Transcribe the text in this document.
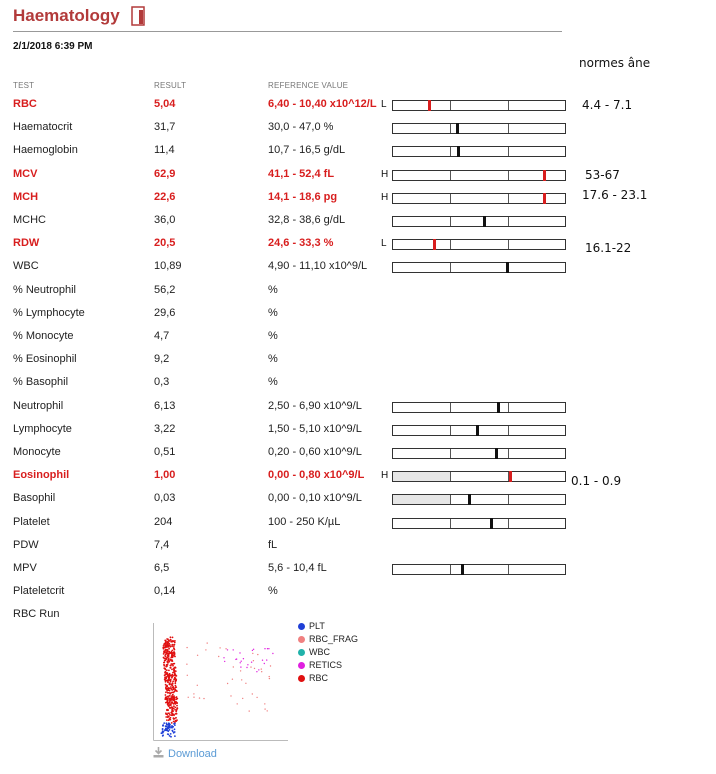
Haematology
2/1/2018 6:39 PM
TEST	RESULT	REFERENCE VALUE
RBC	5,04	6,40 - 10,40 x10^12/L L
Haematocrit	31,7	30,0 - 47,0 %
Haemoglobin	11,4	10,7 - 16,5 g/dL
MCV	62,9	41,1 - 52,4 fL	H
MCH	22,6	14,1 - 18,6 pg	H
MCHC	36,0	32,8 - 38,6 g/dL
RDW	20,5	24,6 - 33,3 %	L
WBC	10,89	4,90 - 11,10 x10^9/L
% Neutrophil	56,2	%
% Lymphocyte	29,6	%
% Monocyte	4,7	%
% Eosinophil	9,2	%
% Basophil	0,3	%
Neutrophil	6,13	2,50 - 6,90 x10^9/L
Lymphocyte	3,22	1,50 - 5,10 x10^9/L
Monocyte	0,51	0,20 - 0,60 x10^9/L
Eosinophil	1,00	0,00 - 0,80 x10^9/L H
Basophil	0,03	0,00 - 0,10 x10^9/L
Platelet	204	100 - 250 K/µL
PDW	7,4	fL
MPV	6,5	5,6 - 10,4 fL
Plateletcrit	0,14	%
RBC Run
normes âne
4.4 - 7.1
53-67
17.6 - 23.1
16.1-22
0.1 - 0.9
PLT
RBC_FRAG
WBC
RETICS
RBC
Download
